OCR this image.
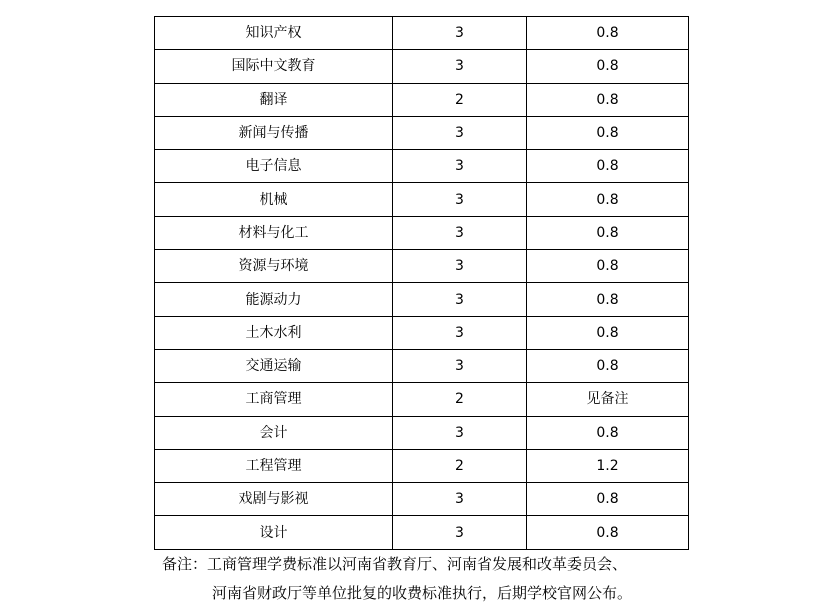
知识产权	3	0.8
国际中文教育	3	0.8
翻译	2	0.8
新闻与传播	3	0.8
电子信息	3	0.8
机械	3	0.8
材料与化工	3	0.8
资源与环境	3	0.8
能源动力	3	0.8
土木水利	3	0.8
交通运输	3	0.8
工商管理	2	见备注
会计	3	0.8
工程管理	2	1.2
戏剧与影视	3	0.8
设计	3	0.8
备注：工商管理学费标准以河南省教育厅、河南省发展和改革委员会、
河南省财政厅等单位批复的收费标准执行，后期学校官网公布。
